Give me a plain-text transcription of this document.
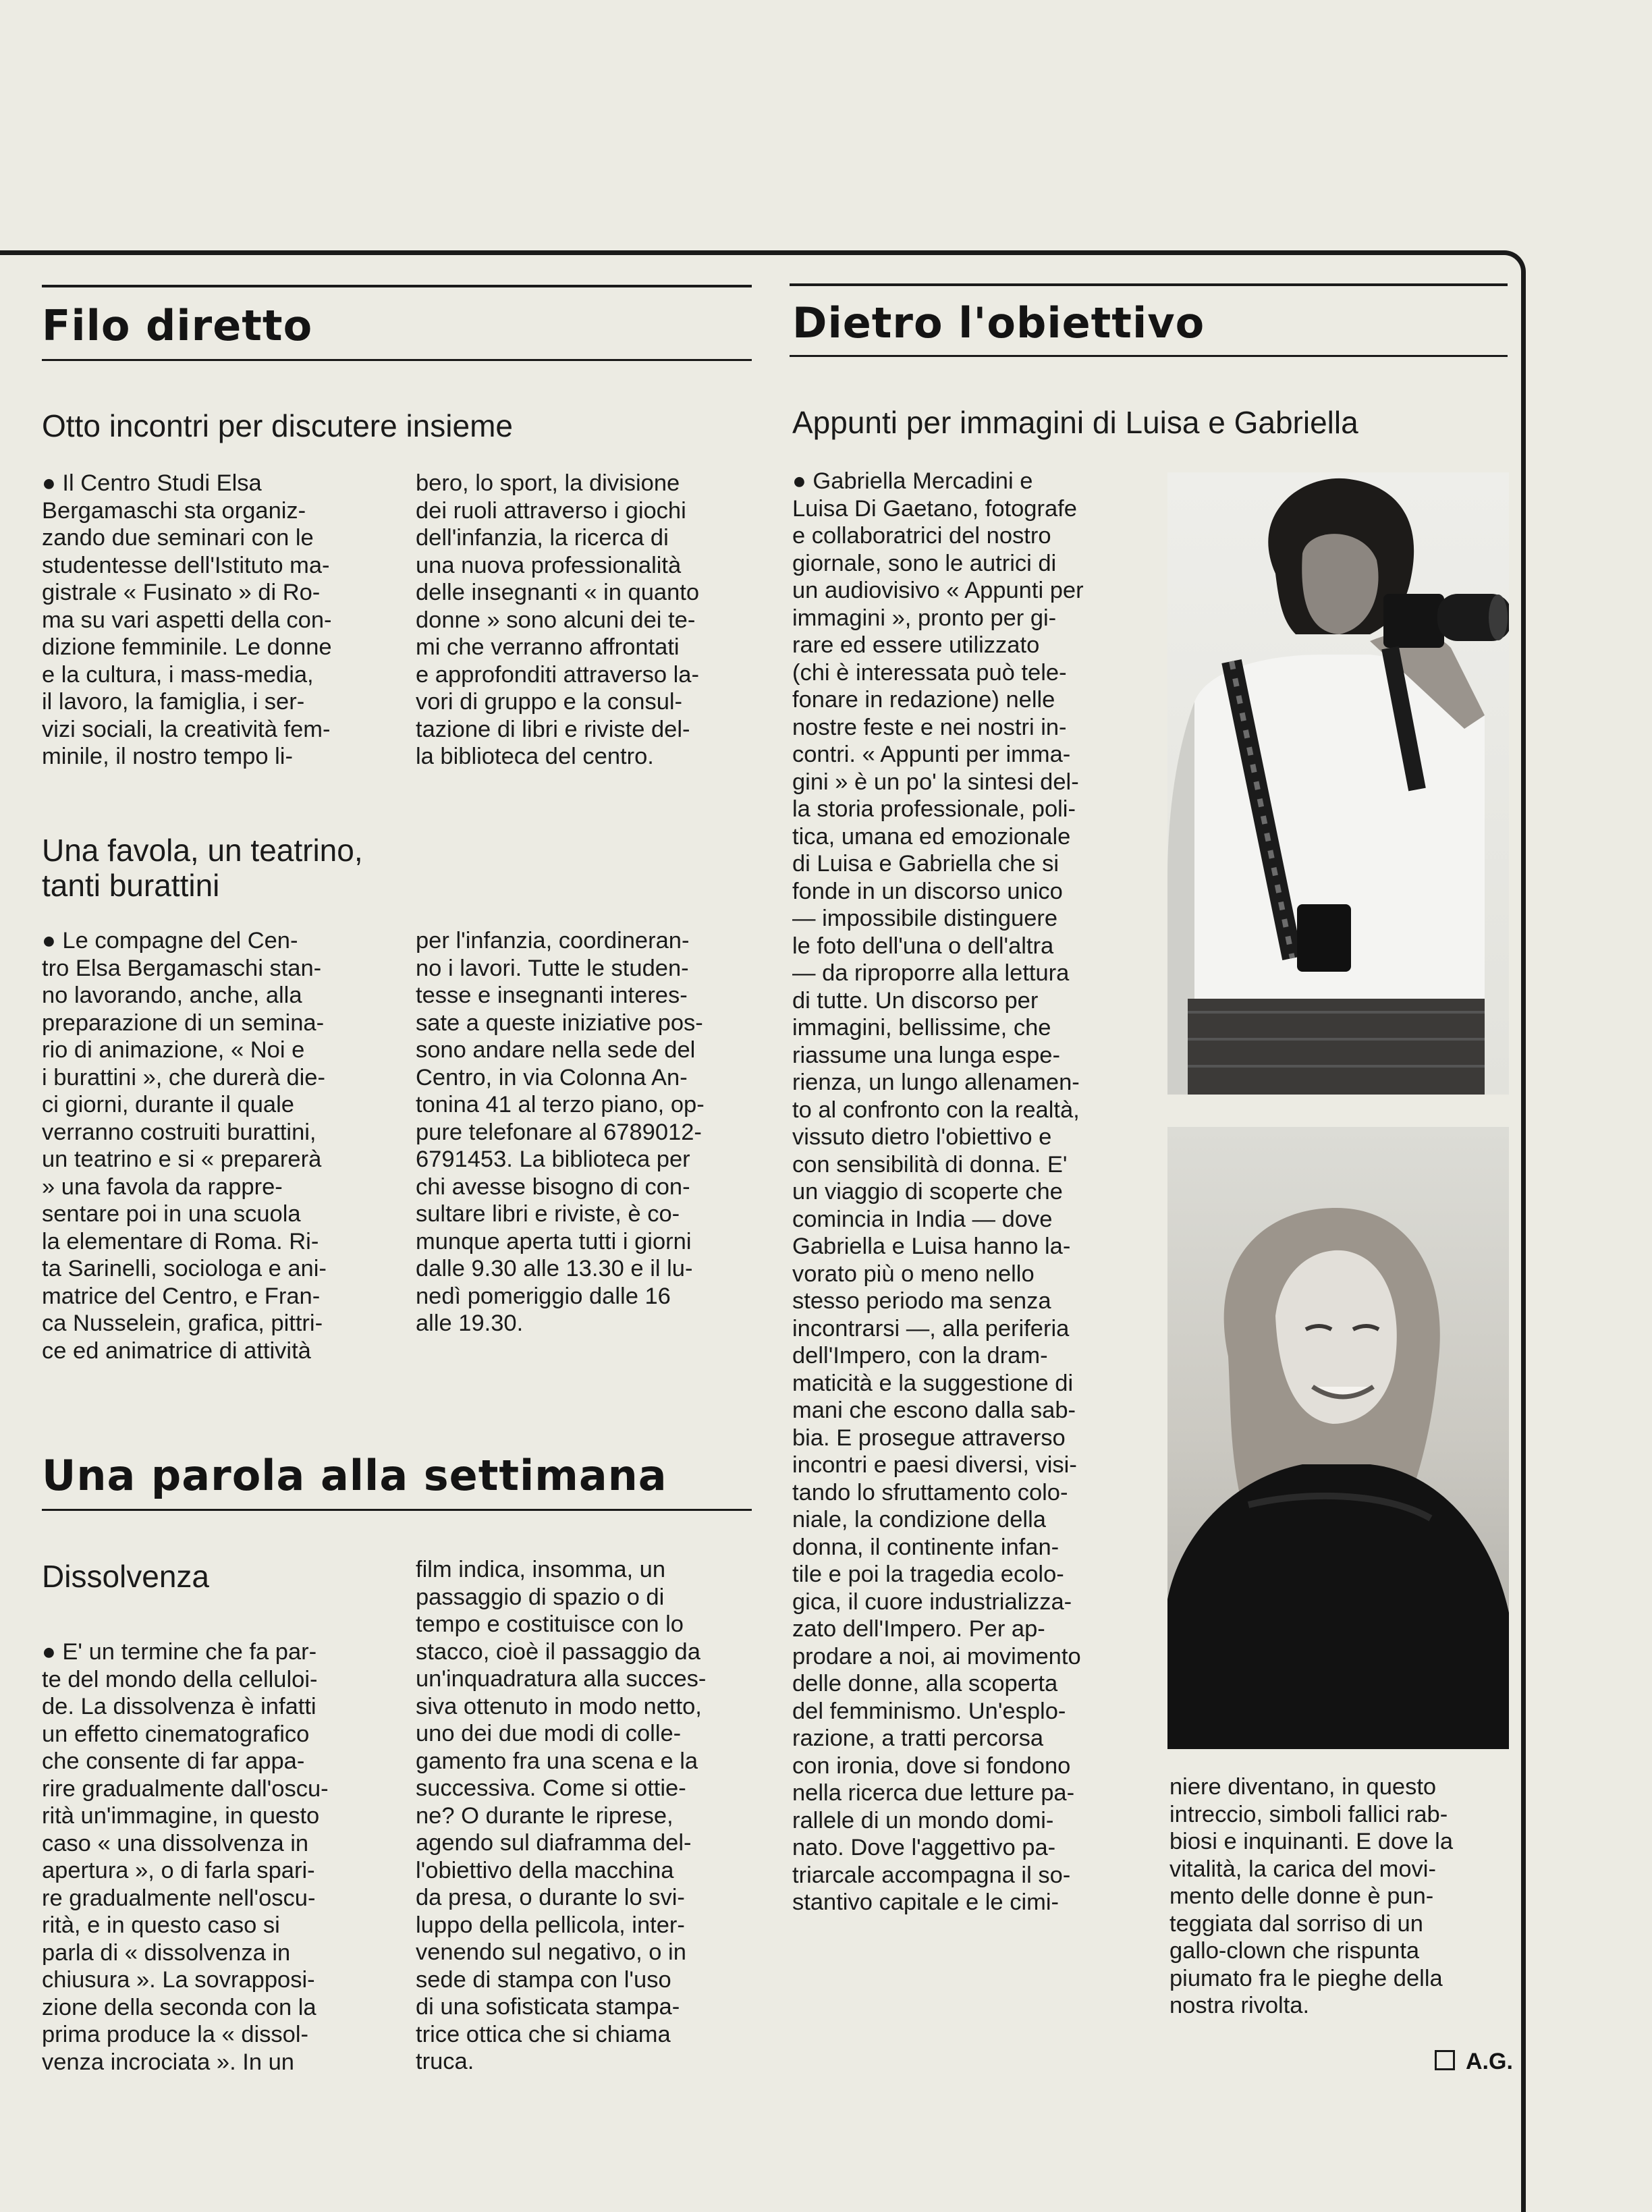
Filo diretto
Otto incontri per discutere insieme

● Il Centro Studi Elsa
Bergamaschi sta organiz-
zando due seminari con le
studentesse dell'Istituto ma-
gistrale « Fusinato » di Ro-
ma su vari aspetti della con-
dizione femminile. Le donne
e la cultura, i mass-media,
il lavoro, la famiglia, i ser-
vizi sociali, la creatività fem-
minile, il nostro tempo li-

bero, lo sport, la divisione
dei ruoli attraverso i giochi
dell'infanzia, la ricerca di
una nuova professionalità
delle insegnanti « in quanto
donne » sono alcuni dei te-
mi che verranno affrontati
e approfonditi attraverso la-
vori di gruppo e la consul-
tazione di libri e riviste del-
la biblioteca del centro.

Una favola, un teatrino,
tanti burattini

● Le compagne del Cen-
tro Elsa Bergamaschi stan-
no lavorando, anche, alla
preparazione di un semina-
rio di animazione, « Noi e
i burattini », che durerà die-
ci giorni, durante il quale
verranno costruiti burattini,
un teatrino e si « preparerà
» una favola da rappre-
sentare poi in una scuola
la elementare di Roma. Ri-
ta Sarinelli, sociologa e ani-
matrice del Centro, e Fran-
ca Nusselein, grafica, pittri-
ce ed animatrice di attività

per l'infanzia, coordineran-
no i lavori. Tutte le studen-
tesse e insegnanti interes-
sate a queste iniziative pos-
sono andare nella sede del
Centro, in via Colonna An-
tonina 41 al terzo piano, op-
pure telefonare al 6789012-
6791453. La biblioteca per
chi avesse bisogno di con-
sultare libri e riviste, è co-
munque aperta tutti i giorni
dalle 9.30 alle 13.30 e il lu-
nedì pomeriggio dalle 16
alle 19.30.

Una parola alla settimana
Dissolvenza

● E' un termine che fa par-
te del mondo della celluloi-
de. La dissolvenza è infatti
un effetto cinematografico
che consente di far appa-
rire gradualmente dall'oscu-
rità un'immagine, in questo
caso « una dissolvenza in
apertura », o di farla spari-
re gradualmente nell'oscu-
rità, e in questo caso si
parla di « dissolvenza in
chiusura ». La sovrapposi-
zione della seconda con la
prima produce la « dissol-
venza incrociata ». In un

film indica, insomma, un
passaggio di spazio o di
tempo e costituisce con lo
stacco, cioè il passaggio da
un'inquadratura alla succes-
siva ottenuto in modo netto,
uno dei due modi di colle-
gamento fra una scena e la
successiva. Come si ottie-
ne? O durante le riprese,
agendo sul diaframma del-
l'obiettivo della macchina
da presa, o durante lo svi-
luppo della pellicola, inter-
venendo sul negativo, o in
sede di stampa con l'uso
di una sofisticata stampa-
trice ottica che si chiama
truca.

Dietro l'obiettivo
Appunti per immagini di Luisa e Gabriella

● Gabriella Mercadini e
Luisa Di Gaetano, fotografe
e collaboratrici del nostro
giornale, sono le autrici di
un audiovisivo « Appunti per
immagini », pronto per gi-
rare ed essere utilizzato
(chi è interessata può tele-
fonare in redazione) nelle
nostre feste e nei nostri in-
contri. « Appunti per imma-
gini » è un po' la sintesi del-
la storia professionale, poli-
tica, umana ed emozionale
di Luisa e Gabriella che si
fonde in un discorso unico
— impossibile distinguere
le foto dell'una o dell'altra
— da riproporre alla lettura
di tutte. Un discorso per
immagini, bellissime, che
riassume una lunga espe-
rienza, un lungo allenamen-
to al confronto con la realtà,
vissuto dietro l'obiettivo e
con sensibilità di donna. E'
un viaggio di scoperte che
comincia in India — dove
Gabriella e Luisa hanno la-
vorato più o meno nello
stesso periodo ma senza
incontrarsi —, alla periferia
dell'Impero, con la dram-
maticità e la suggestione di
mani che escono dalla sab-
bia. E prosegue attraverso
incontri e paesi diversi, visi-
tando lo sfruttamento colo-
niale, la condizione della
donna, il continente infan-
tile e poi la tragedia ecolo-
gica, il cuore industrializza-
zato dell'Impero. Per ap-
prodare a noi, ai movimento
delle donne, alla scoperta
del femminismo. Un'esplo-
razione, a tratti percorsa
con ironia, dove si fondono
nella ricerca due letture pa-
rallele di un mondo domi-
nato. Dove l'aggettivo pa-
triarcale accompagna il so-
stantivo capitale e le cimi-

niere diventano, in questo
intreccio, simboli fallici rab-
biosi e inquinanti. E dove la
vitalità, la carica del movi-
mento delle donne è pun-
teggiata dal sorriso di un
gallo-clown che rispunta
piumato fra le pieghe della
nostra rivolta.

A.G.
